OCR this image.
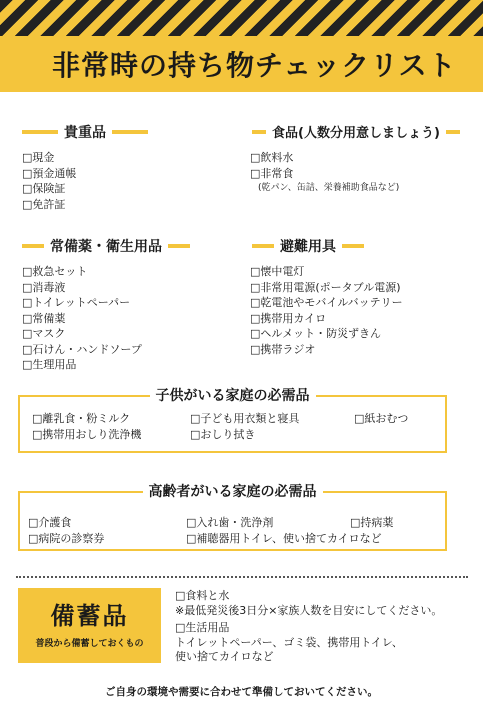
非常時の持ち物チェックリスト
貴重品
□現金
□預金通帳
□保険証
□免許証
食品(人数分用意しましょう)
□飲料水
□非常食
(乾パン、缶詰、栄養補助食品など)
常備薬・衛生用品
□救急セット
□消毒液
□トイレットペーパー
□常備薬
□マスク
□石けん・ハンドソープ
□生理用品
避難用具
□懐中電灯
□非常用電源(ポータブル電源)
□乾電池やモバイルバッテリー
□携帯用カイロ
□ヘルメット・防災ずきん
□携帯ラジオ
子供がいる家庭の必需品
□離乳食・粉ミルク	□子ども用衣類と寝具	□紙おむつ
□携帯用おしり洗浄機	□おしり拭き
高齢者がいる家庭の必需品
□介護食	□入れ歯・洗浄剤	□持病薬
□病院の診察券	□補聴器用トイレ、使い捨てカイロなど
備蓄品
普段から備蓄しておくもの
□食料と水
※最低発災後3日分×家族人数を目安にしてください。
□生活用品
トイレットペーパー、ゴミ袋、携帯用トイレ、
使い捨てカイロなど
ご自身の環境や需要に合わせて準備しておいてください。
